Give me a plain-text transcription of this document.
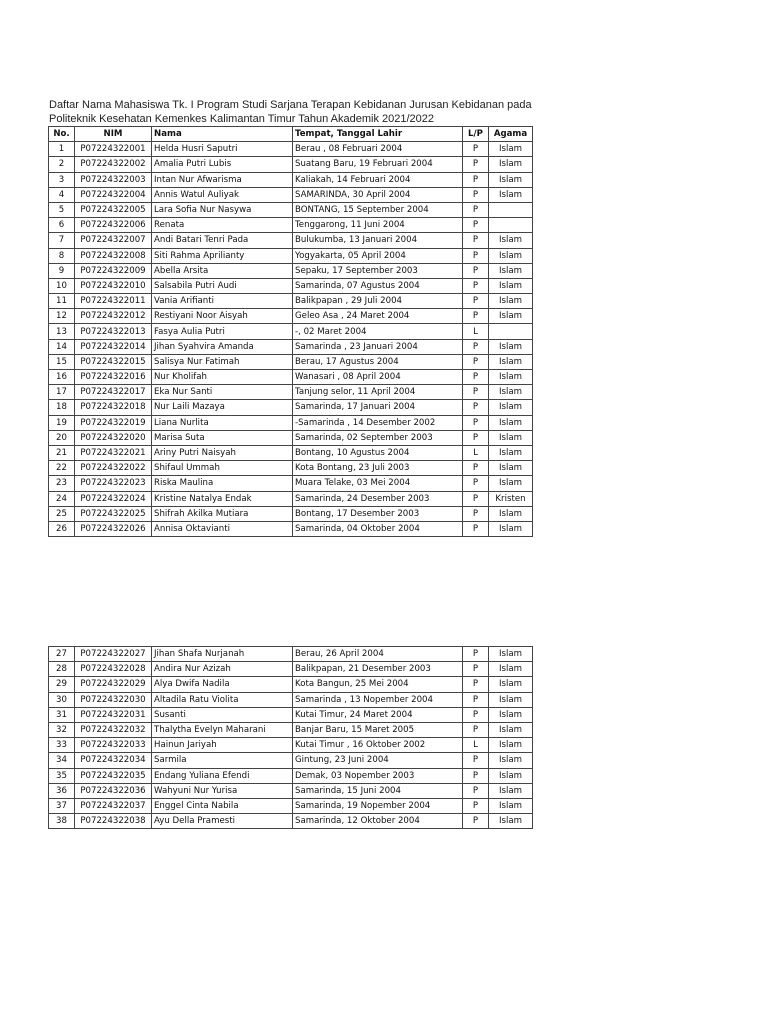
Daftar Nama Mahasiswa Tk. I Program Studi Sarjana Terapan Kebidanan Jurusan Kebidanan pada
Politeknik Kesehatan Kemenkes Kalimantan Timur Tahun Akademik 2021/2022
No.	NIM	Nama	Tempat, Tanggal Lahir	L/P	Agama
1	P07224322001	Helda Husri Saputri	Berau , 08 Februari 2004	P	Islam
2	P07224322002	Amalia Putri Lubis	Suatang Baru, 19 Februari 2004	P	Islam
3	P07224322003	Intan Nur Afwarisma	Kaliakah, 14 Februari 2004	P	Islam
4	P07224322004	Annis Watul Auliyak	SAMARINDA, 30 April 2004	P	Islam
5	P07224322005	Lara Sofia Nur Nasywa	BONTANG, 15 September 2004	P	
6	P07224322006	Renata	Tenggarong, 11 Juni 2004	P	
7	P07224322007	Andi Batari Tenri Pada	Bulukumba, 13 Januari 2004	P	Islam
8	P07224322008	Siti Rahma Aprilianty	Yogyakarta, 05 April 2004	P	Islam
9	P07224322009	Abella Arsita	Sepaku, 17 September 2003	P	Islam
10	P07224322010	Salsabila Putri Audi	Samarinda, 07 Agustus 2004	P	Islam
11	P07224322011	Vania Arifianti	Balikpapan , 29 Juli 2004	P	Islam
12	P07224322012	Restiyani Noor Aisyah	Geleo Asa , 24 Maret 2004	P	Islam
13	P07224322013	Fasya Aulia Putri	-, 02 Maret 2004	L	
14	P07224322014	Jihan Syahvira Amanda	Samarinda , 23 Januari 2004	P	Islam
15	P07224322015	Salisya Nur Fatimah	Berau, 17 Agustus 2004	P	Islam
16	P07224322016	Nur Kholifah	Wanasari , 08 April 2004	P	Islam
17	P07224322017	Eka Nur Santi	Tanjung selor, 11 April 2004	P	Islam
18	P07224322018	Nur Laili Mazaya	Samarinda, 17 Januari 2004	P	Islam
19	P07224322019	Liana Nurlita	-Samarinda , 14 Desember 2002	P	Islam
20	P07224322020	Marisa Suta	Samarinda, 02 September 2003	P	Islam
21	P07224322021	Ariny Putri Naisyah	Bontang, 10 Agustus 2004	L	Islam
22	P07224322022	Shifaul Ummah	Kota Bontang, 23 Juli 2003	P	Islam
23	P07224322023	Riska Maulina	Muara Telake, 03 Mei 2004	P	Islam
24	P07224322024	Kristine Natalya Endak	Samarinda, 24 Desember 2003	P	Kristen
25	P07224322025	Shifrah Akilka Mutiara	Bontang, 17 Desember 2003	P	Islam
26	P07224322026	Annisa Oktavianti	Samarinda, 04 Oktober 2004	P	Islam
27	P07224322027	Jihan Shafa Nurjanah	Berau, 26 April 2004	P	Islam
28	P07224322028	Andira Nur Azizah	Balikpapan, 21 Desember 2003	P	Islam
29	P07224322029	Alya Dwifa Nadila	Kota Bangun, 25 Mei 2004	P	Islam
30	P07224322030	Altadila Ratu Violita	Samarinda , 13 Nopember 2004	P	Islam
31	P07224322031	Susanti	Kutai Timur, 24 Maret 2004	P	Islam
32	P07224322032	Thalytha Evelyn Maharani	Banjar Baru, 15 Maret 2005	P	Islam
33	P07224322033	Hainun Jariyah	Kutai Timur , 16 Oktober 2002	L	Islam
34	P07224322034	Sarmila	Gintung, 23 Juni 2004	P	Islam
35	P07224322035	Endang Yuliana Efendi	Demak, 03 Nopember 2003	P	Islam
36	P07224322036	Wahyuni Nur Yurisa	Samarinda, 15 Juni 2004	P	Islam
37	P07224322037	Enggel Cinta Nabila	Samarinda, 19 Nopember 2004	P	Islam
38	P07224322038	Ayu Della Pramesti	Samarinda, 12 Oktober 2004	P	Islam
